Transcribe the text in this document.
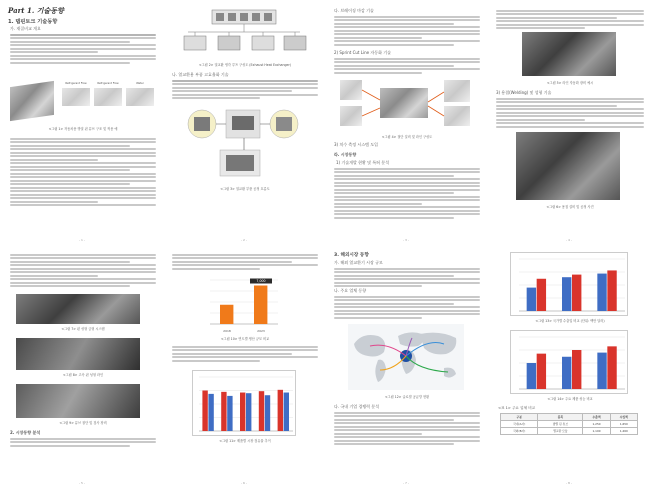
Part 1. 기술동향
1. 탭핀토크 기술동향
가. 재질비교 개요
Refrigerant Flow	Refrigerant Flow	Water
<그림 1> 자동차용 방열 핀 튜브 구조 및 적용 예
- 1 -
<그림 2> 열교환 냉각 루프 구성도 (Exhaust Heat Exchanger)
나. 열교환용 부품 고효율화 기술
<그림 3> 열교환 부품 공정 흐름도
- 2 -
다. 브레이징 마감 기술
2) Sprint Cut Line 자동화 기술
<그림 4> 절단 설비 및 라인 구성도
3) 치수 측정 시스템 도입
라. 시장동향
1) 기술개발 현황 및 특허 분석
- 3 -
<그림 5> 라인 자동화 장비 예시
3) 용접(Welding) 및 성형 기술
<그림 6> 용접 설비 및 공정 사진
- 4 -
<그림 7> 핀 성형 금형 시스템
<그림 8> 고속 핀 성형 라인
<그림 9> 튜브 절단 및 검사 장비
2. 시장동향 분석
- 5 -
2018	2023
7,000
<그림 10> 연도별 생산 규모 비교
<그림 11> 제품별 시장 점유율 추이
- 6 -
3. 해외시장 동향
가. 해외 열교환기 시장 규모
나. 주요 업체 동향
<그림 12> 글로벌 공급망 현황
다. 국내 기업 경쟁력 분석
- 7 -
<그림 13> 국가별 수출입 비교 (단위: 백만 달러)
<그림 14> 주요 제품 성능 비교
<표 1> 주요 업체 비교
구분	품목	수출액	수입액
국내(A사)	방열 핀 튜브	1,250	1,650
국외(B사)	열교환 모듈	1,100	1,260
- 8 -
